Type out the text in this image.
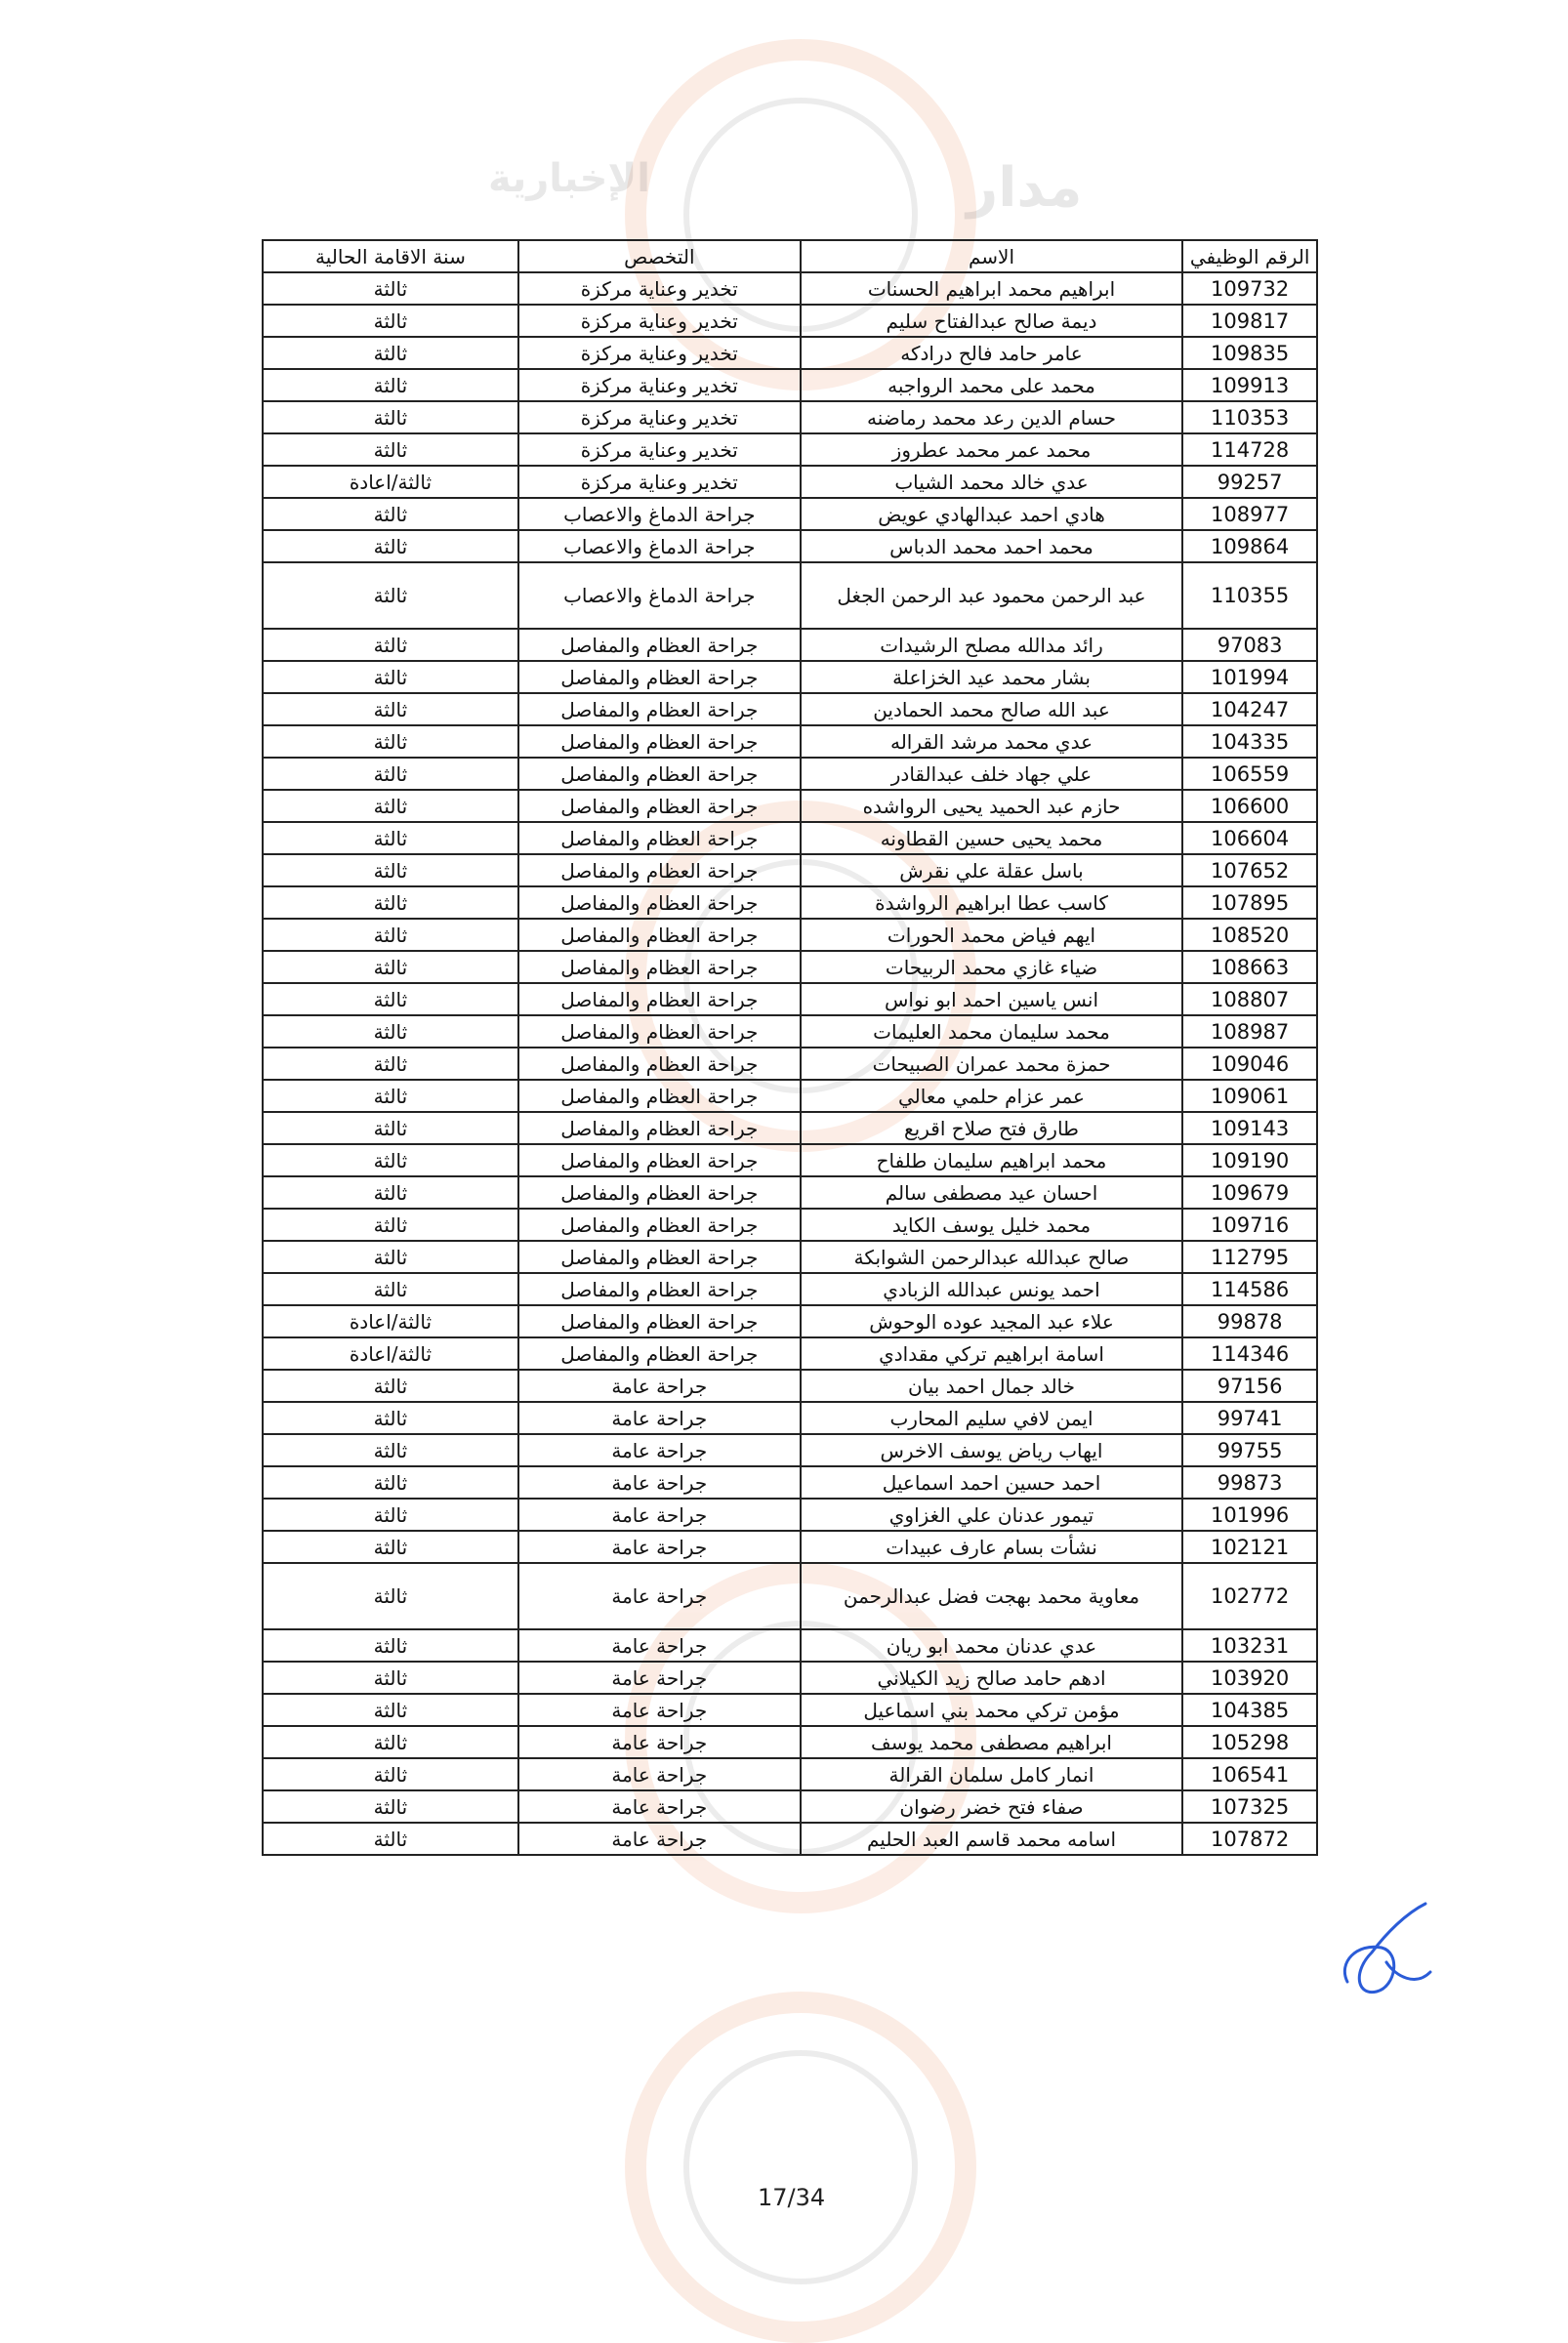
الإخبارية	مدار
الرقم الوظيفي	الاسم	التخصص	سنة الاقامة الحالية
109732	ابراهيم محمد ابراهيم الحسنات	تخدير وعناية مركزة	ثالثة
109817	ديمة صالح عبدالفتاح سليم	تخدير وعناية مركزة	ثالثة
109835	عامر حامد فالح درادكه	تخدير وعناية مركزة	ثالثة
109913	محمد على محمد الرواجبه	تخدير وعناية مركزة	ثالثة
110353	حسام الدين رعد محمد رماضنه	تخدير وعناية مركزة	ثالثة
114728	محمد عمر محمد عطروز	تخدير وعناية مركزة	ثالثة
99257	عدي خالد محمد الشياب	تخدير وعناية مركزة	ثالثة/اعادة
108977	هادي احمد عبدالهادي عويض	جراحة الدماغ والاعصاب	ثالثة
109864	محمد احمد محمد الدباس	جراحة الدماغ والاعصاب	ثالثة
110355	عبد الرحمن محمود عبد الرحمن الجغل	جراحة الدماغ والاعصاب	ثالثة
97083	رائد مدالله مصلح الرشيدات	جراحة العظام والمفاصل	ثالثة
101994	بشار محمد عيد الخزاعلة	جراحة العظام والمفاصل	ثالثة
104247	عبد الله صالح محمد الحمادين	جراحة العظام والمفاصل	ثالثة
104335	عدي محمد مرشد القراله	جراحة العظام والمفاصل	ثالثة
106559	علي جهاد خلف عبدالقادر	جراحة العظام والمفاصل	ثالثة
106600	حازم عبد الحميد يحيى الرواشده	جراحة العظام والمفاصل	ثالثة
106604	محمد يحيى حسين القطاونه	جراحة العظام والمفاصل	ثالثة
107652	باسل عقلة علي نقرش	جراحة العظام والمفاصل	ثالثة
107895	كاسب عطا ابراهيم الرواشدة	جراحة العظام والمفاصل	ثالثة
108520	ايهم فياض محمد الحورات	جراحة العظام والمفاصل	ثالثة
108663	ضياء غازي محمد الربيحات	جراحة العظام والمفاصل	ثالثة
108807	انس ياسين احمد ابو نواس	جراحة العظام والمفاصل	ثالثة
108987	محمد سليمان محمد العليمات	جراحة العظام والمفاصل	ثالثة
109046	حمزة محمد عمران الصبيحات	جراحة العظام والمفاصل	ثالثة
109061	عمر عزام حلمي معالي	جراحة العظام والمفاصل	ثالثة
109143	طارق فتح صلاح اقريع	جراحة العظام والمفاصل	ثالثة
109190	محمد ابراهيم سليمان طلفاح	جراحة العظام والمفاصل	ثالثة
109679	احسان عيد مصطفى سالم	جراحة العظام والمفاصل	ثالثة
109716	محمد خليل يوسف الكايد	جراحة العظام والمفاصل	ثالثة
112795	صالح عبدالله عبدالرحمن الشوابكة	جراحة العظام والمفاصل	ثالثة
114586	احمد يونس عبدالله الزبادي	جراحة العظام والمفاصل	ثالثة
99878	علاء عبد المجيد عوده الوحوش	جراحة العظام والمفاصل	ثالثة/اعادة
114346	اسامة ابراهيم تركي مقدادي	جراحة العظام والمفاصل	ثالثة/اعادة
97156	خالد جمال احمد بيان	جراحة عامة	ثالثة
99741	ايمن لافي سليم المحارب	جراحة عامة	ثالثة
99755	ايهاب رياض يوسف الاخرس	جراحة عامة	ثالثة
99873	احمد حسين احمد اسماعيل	جراحة عامة	ثالثة
101996	تيمور عدنان علي الغزاوي	جراحة عامة	ثالثة
102121	نشأت بسام عارف عبيدات	جراحة عامة	ثالثة
102772	معاوية محمد بهجت فضل عبدالرحمن	جراحة عامة	ثالثة
103231	عدي عدنان محمد ابو ريان	جراحة عامة	ثالثة
103920	ادهم حامد صالح زيد الكيلاني	جراحة عامة	ثالثة
104385	مؤمن تركي محمد بني اسماعيل	جراحة عامة	ثالثة
105298	ابراهيم مصطفى محمد يوسف	جراحة عامة	ثالثة
106541	انمار كامل سلمان القرالة	جراحة عامة	ثالثة
107325	صفاء فتح خضر رضوان	جراحة عامة	ثالثة
107872	اسامه محمد قاسم العبد الحليم	جراحة عامة	ثالثة
17/34
